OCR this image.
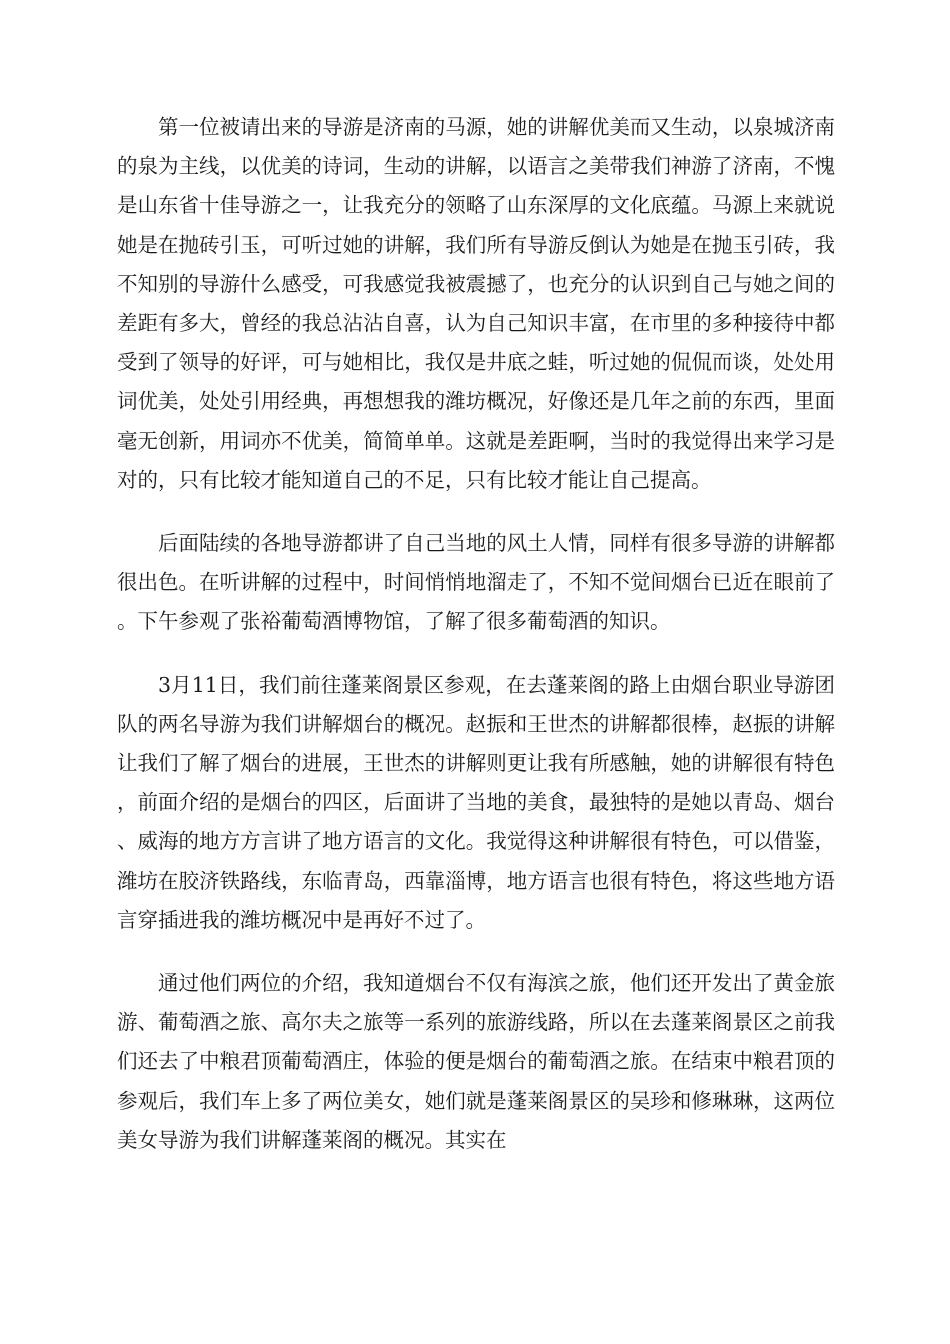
第一位被请出来的导游是济南的马源，她的讲解优美而又生动，以泉城济南的泉为主线，以优美的诗词，生动的讲解，以语言之美带我们神游了济南，不愧是山东省十佳导游之一，让我充分的领略了山东深厚的文化底蕴。马源上来就说她是在抛砖引玉，可听过她的讲解，我们所有导游反倒认为她是在抛玉引砖，我不知别的导游什么感受，可我感觉我被震撼了，也充分的认识到自己与她之间的差距有多大，曾经的我总沾沾自喜，认为自己知识丰富，在市里的多种接待中都受到了领导的好评，可与她相比，我仅是井底之蛙，听过她的侃侃而谈，处处用词优美，处处引用经典，再想想我的潍坊概况，好像还是几年之前的东西，里面毫无创新，用词亦不优美，简简单单。这就是差距啊，当时的我觉得出来学习是对的，只有比较才能知道自己的不足，只有比较才能让自己提高。

后面陆续的各地导游都讲了自己当地的风土人情，同样有很多导游的讲解都很出色。在听讲解的过程中，时间悄悄地溜走了，不知不觉间烟台已近在眼前了。下午参观了张裕葡萄酒博物馆，了解了很多葡萄酒的知识。

3月11日，我们前往蓬莱阁景区参观，在去蓬莱阁的路上由烟台职业导游团队的两名导游为我们讲解烟台的概况。赵振和王世杰的讲解都很棒，赵振的讲解让我们了解了烟台的进展，王世杰的讲解则更让我有所感触，她的讲解很有特色，前面介绍的是烟台的四区，后面讲了当地的美食，最独特的是她以青岛、烟台、威海的地方方言讲了地方语言的文化。我觉得这种讲解很有特色，可以借鉴，潍坊在胶济铁路线，东临青岛，西靠淄博，地方语言也很有特色，将这些地方语言穿插进我的潍坊概况中是再好不过了。

通过他们两位的介绍，我知道烟台不仅有海滨之旅，他们还开发出了黄金旅游、葡萄酒之旅、高尔夫之旅等一系列的旅游线路，所以在去蓬莱阁景区之前我们还去了中粮君顶葡萄酒庄，体验的便是烟台的葡萄酒之旅。在结束中粮君顶的参观后，我们车上多了两位美女，她们就是蓬莱阁景区的吴珍和修琳琳，这两位美女导游为我们讲解蓬莱阁的概况。其实在
